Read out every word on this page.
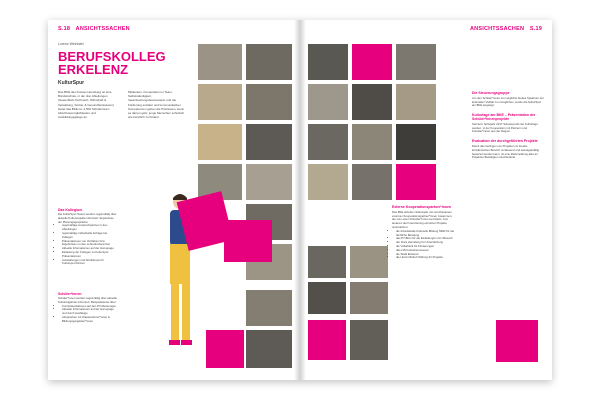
S.18 ANSICHTSSACHEN
Lorenz Weinhart
BERUFSKOLLEG
ERKELENZ
KulturSpur
Das BKE des Kreises Heinsberg ist eine Bündelschule, in der drei Abteilungen (Gewerblich-Technisch, Wirtschaft & Verwaltung, Sozial- & Gesundheitswesen) bietet das BKE ca. 2.500 Schülerinnen Abschlussmöglichkeiten und Ausbildungsgänge an.
Mitdenken, Kooperation im Team, Selbstständigkeit, Verantwortungsbewusstsein und die Förderung sozialer und kommunikativer Kompetenzen gehen als Prämissen, wenn es darum geht, junge Menschen schulisch wie beruflich zu fördern.
Das Kollegium
Die KulturSpur-Teams werden regelmäßig über aktuelle Kulturprojekte informiert. Ergebnisse der Planungsgespräche:
• regelmäßige Ansprechpartner in den Abteilungen
• regelmäßige individuelle Anfrage bei Kollegen
• Präsentationen von Vorhaben bzw. Ergebnissen in den Lehrerkonferenzen
• Aktuelle Informationen auf der Homepage
• Einladung der Kollegen zu Kulturspur-Präsentationen
• Ausstellungen und Workshops für Kulturspur-Partner
Schüler*innen
Schüler*innen werden regelmäßig über aktuelle Kulturangebote informiert. Beispielsweise über:
• Kurzpräsentationen auf den PV-Messungen
• Aktuelle Informationen auf der Homepage und durch Aushänge
• Absprachen mit Klassenlehrer*innen & Bildungsgangleiter*innen
ANSICHTSSACHEN S.19
Externe Kooperationspartner*innen
Das BKE arbeitet mittlerweile mit verschiedenen externen Kooperationspartner*innen zusammen, die zum einen Künstler*innen vermitteln, zum anderen die Finanzierung einzelner Projekte unterstützen:
• die Arbeitsstelle Kulturelle Bildung NRW für die fachliche Beratung
• das PT-Büro für die Einladungen zum Besuch
• der Kreis Heinsberg für Unterstützung
• die Volksbank für Förderungen
• das LVR-Industriemuseum
• die Stadt Erkelenz
• die Heinz-Nixdorf-Stiftung für Projekte
Die Steuerungsgruppe
Um den Schüler*innen ein möglichst breites Spektrum der kulturellen Vielfalt zu ermöglichen, wurde die KulturSpur am BKE angelegt.
Kulturtage am BKE – Präsentation der Schüler*innenprojekte
Seit dem Schuljahr 2017 Schwerpunkt der Kulturtage werden, in der Kooperation mit Partnern und Künstler*innen aus der Region.
Evaluation der durchgeführten Projekte
Damit das Gelingen von Projekten im kreativ-künstlerischen Bereich umfassend und aussagekräftig bewertet werden kann, ist eine Rückmeldung aller an Projekten Beteiligten entscheidend.
